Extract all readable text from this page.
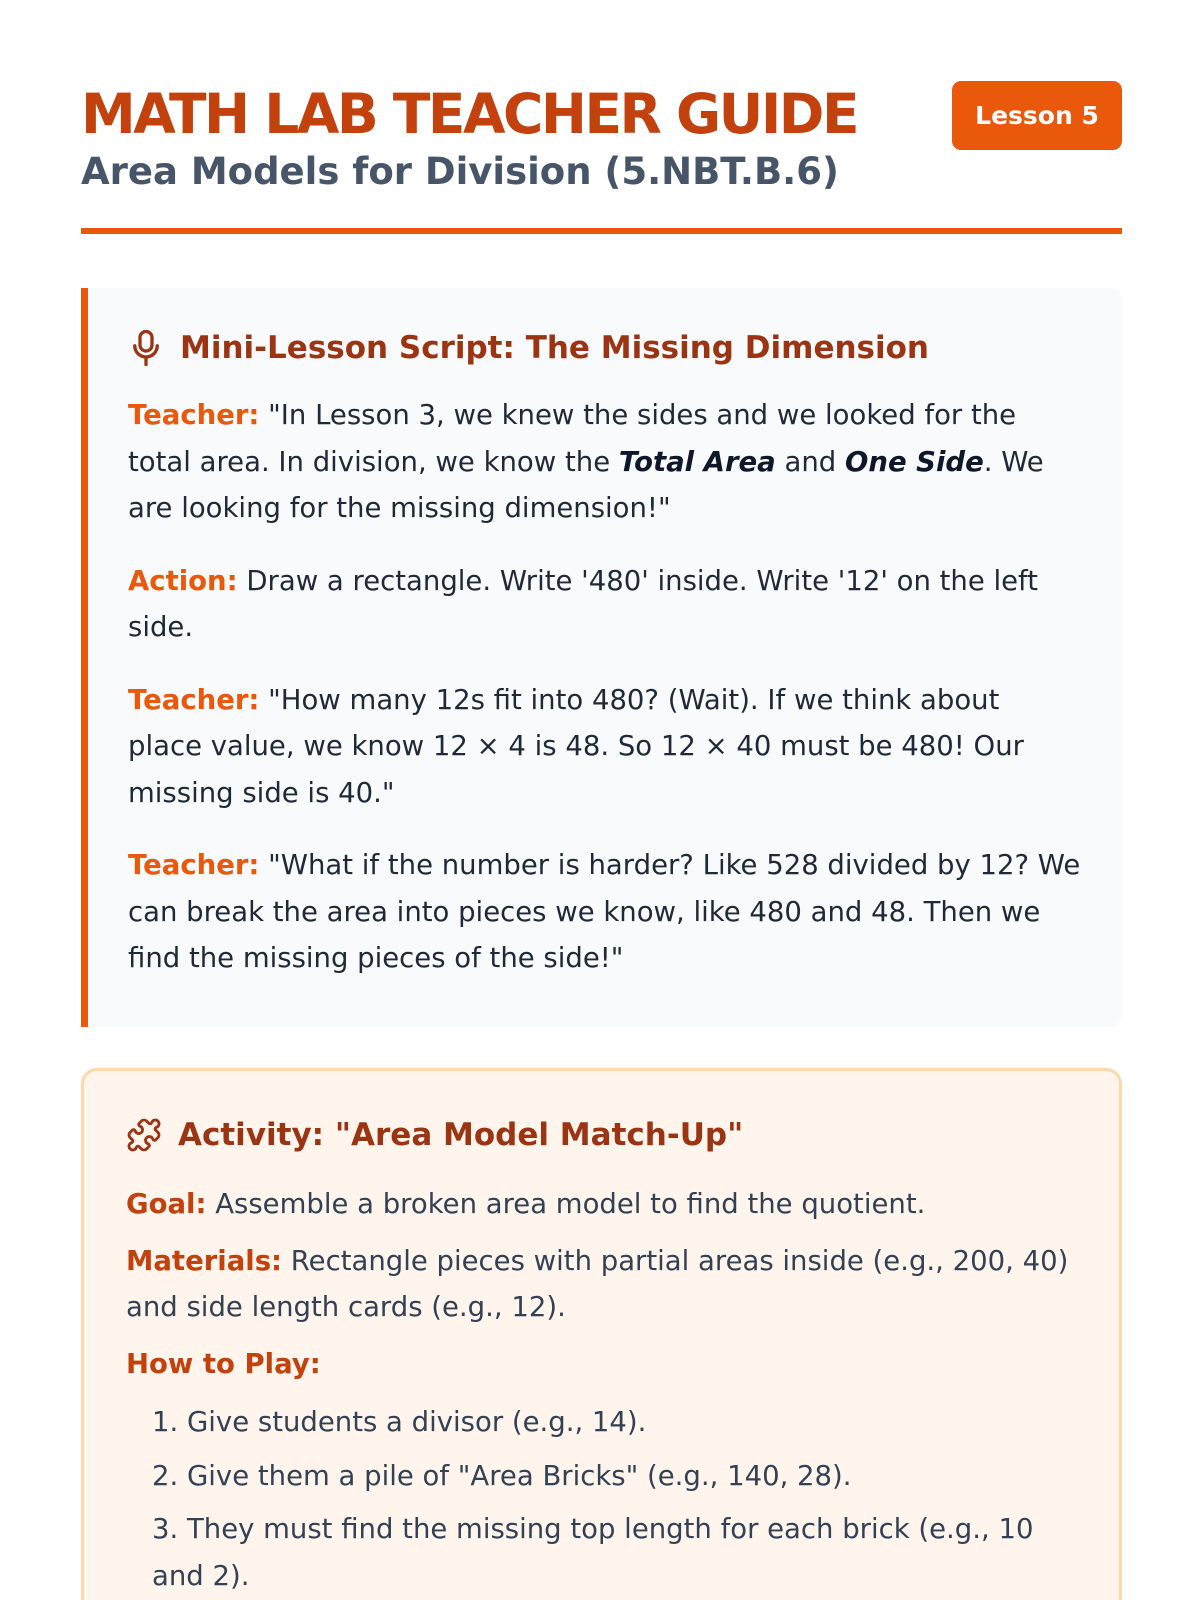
MATH LAB TEACHER GUIDE
Area Models for Division (5.NBT.B.6)
Lesson 5
Mini-Lesson Script: The Missing Dimension

Teacher: "In Lesson 3, we knew the sides and we looked for the total area. In division, we know the Total Area and One Side. We are looking for the missing dimension!"

Action: Draw a rectangle. Write '480' inside. Write '12' on the left side.

Teacher: "How many 12s fit into 480? (Wait). If we think about place value, we know 12 × 4 is 48. So 12 × 40 must be 480! Our missing side is 40."

Teacher: "What if the number is harder? Like 528 divided by 12? We can break the area into pieces we know, like 480 and 48. Then we find the missing pieces of the side!"

Activity: "Area Model Match-Up"

Goal: Assemble a broken area model to find the quotient.

Materials: Rectangle pieces with partial areas inside (e.g., 200, 40) and side length cards (e.g., 12).

How to Play:
1. Give students a divisor (e.g., 14).
2. Give them a pile of "Area Bricks" (e.g., 140, 28).
3. They must find the missing top length for each brick (e.g., 10 and 2).
